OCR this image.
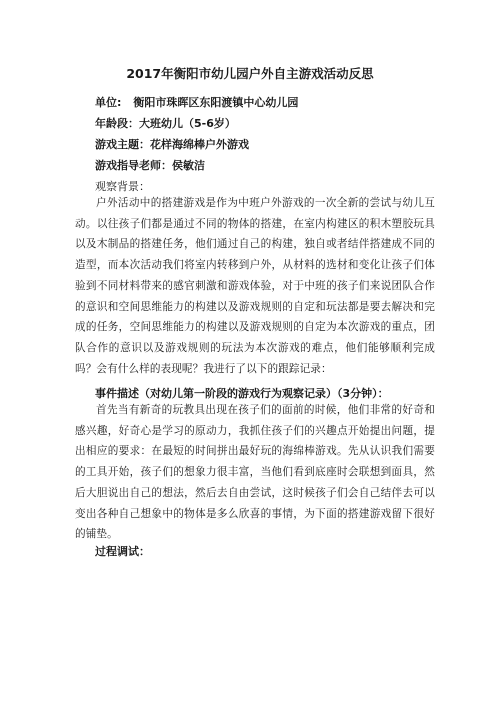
2017年衡阳市幼儿园户外自主游戏活动反思
单位: 衡阳市珠晖区东阳渡镇中心幼儿园
年龄段：大班幼儿（5-6岁）
游戏主题：花样海绵棒户外游戏
游戏指导老师：侯敏洁
观察背景：
户外活动中的搭建游戏是作为中班户外游戏的一次全新的尝试与幼儿互动。以往孩子们都是通过不同的物体的搭建，在室内构建区的积木塑胶玩具以及木制品的搭建任务，他们通过自己的构建，独自或者结伴搭建成不同的造型，而本次活动我们将室内转移到户外，从材料的选材和变化让孩子们体验到不同材料带来的感官刺激和游戏体验，对于中班的孩子们来说团队合作的意识和空间思维能力的构建以及游戏规则的自定和玩法都是要去解决和完成的任务，空间思维能力的构建以及游戏规则的自定为本次游戏的重点，团队合作的意识以及游戏规则的玩法为本次游戏的难点，他们能够顺利完成吗？会有什么样的表现呢？我进行了以下的跟踪记录：
事件描述（对幼儿第一阶段的游戏行为观察记录）（3分钟）：
首先当有新奇的玩教具出现在孩子们的面前的时候，他们非常的好奇和感兴趣，好奇心是学习的原动力，我抓住孩子们的兴趣点开始提出问题，提出相应的要求：在最短的时间拼出最好玩的海绵棒游戏。先从认识我们需要的工具开始，孩子们的想象力很丰富，当他们看到底座时会联想到面具，然后大胆说出自己的想法，然后去自由尝试，这时候孩子们会自己结伴去可以变出各种自己想象中的物体是多么欣喜的事情，为下面的搭建游戏留下很好的铺垫。
过程调试：
